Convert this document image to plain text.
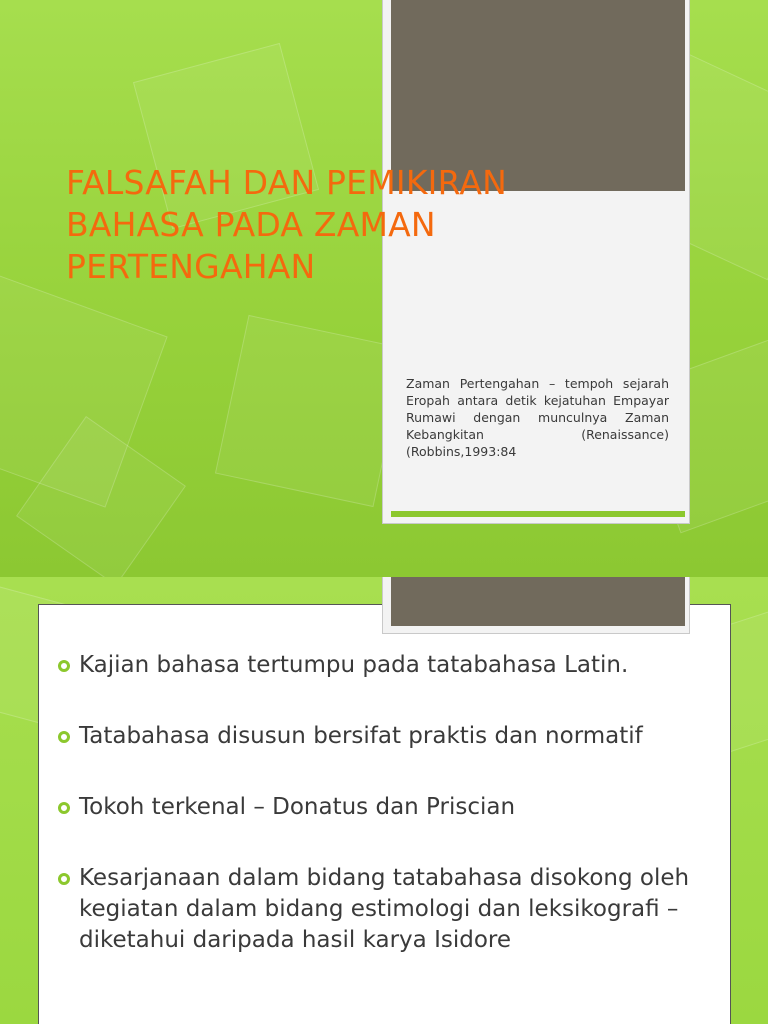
Zaman Pertengahan – tempoh sejarah Eropah antara detik kejatuhan Empayar Rumawi dengan munculnya Zaman Kebangkitan (Renaissance) (Robbins,1993:84

FALSAFAH DAN PEMIKIRAN BAHASA PADA ZAMAN PERTENGAHAN
Kajian bahasa tertumpu pada tatabahasa Latin.
Tatabahasa disusun bersifat praktis dan normatif
Tokoh terkenal – Donatus dan Priscian
Kesarjanaan dalam bidang tatabahasa disokong oleh kegiatan dalam bidang estimologi dan leksikografi –diketahui daripada hasil karya Isidore
